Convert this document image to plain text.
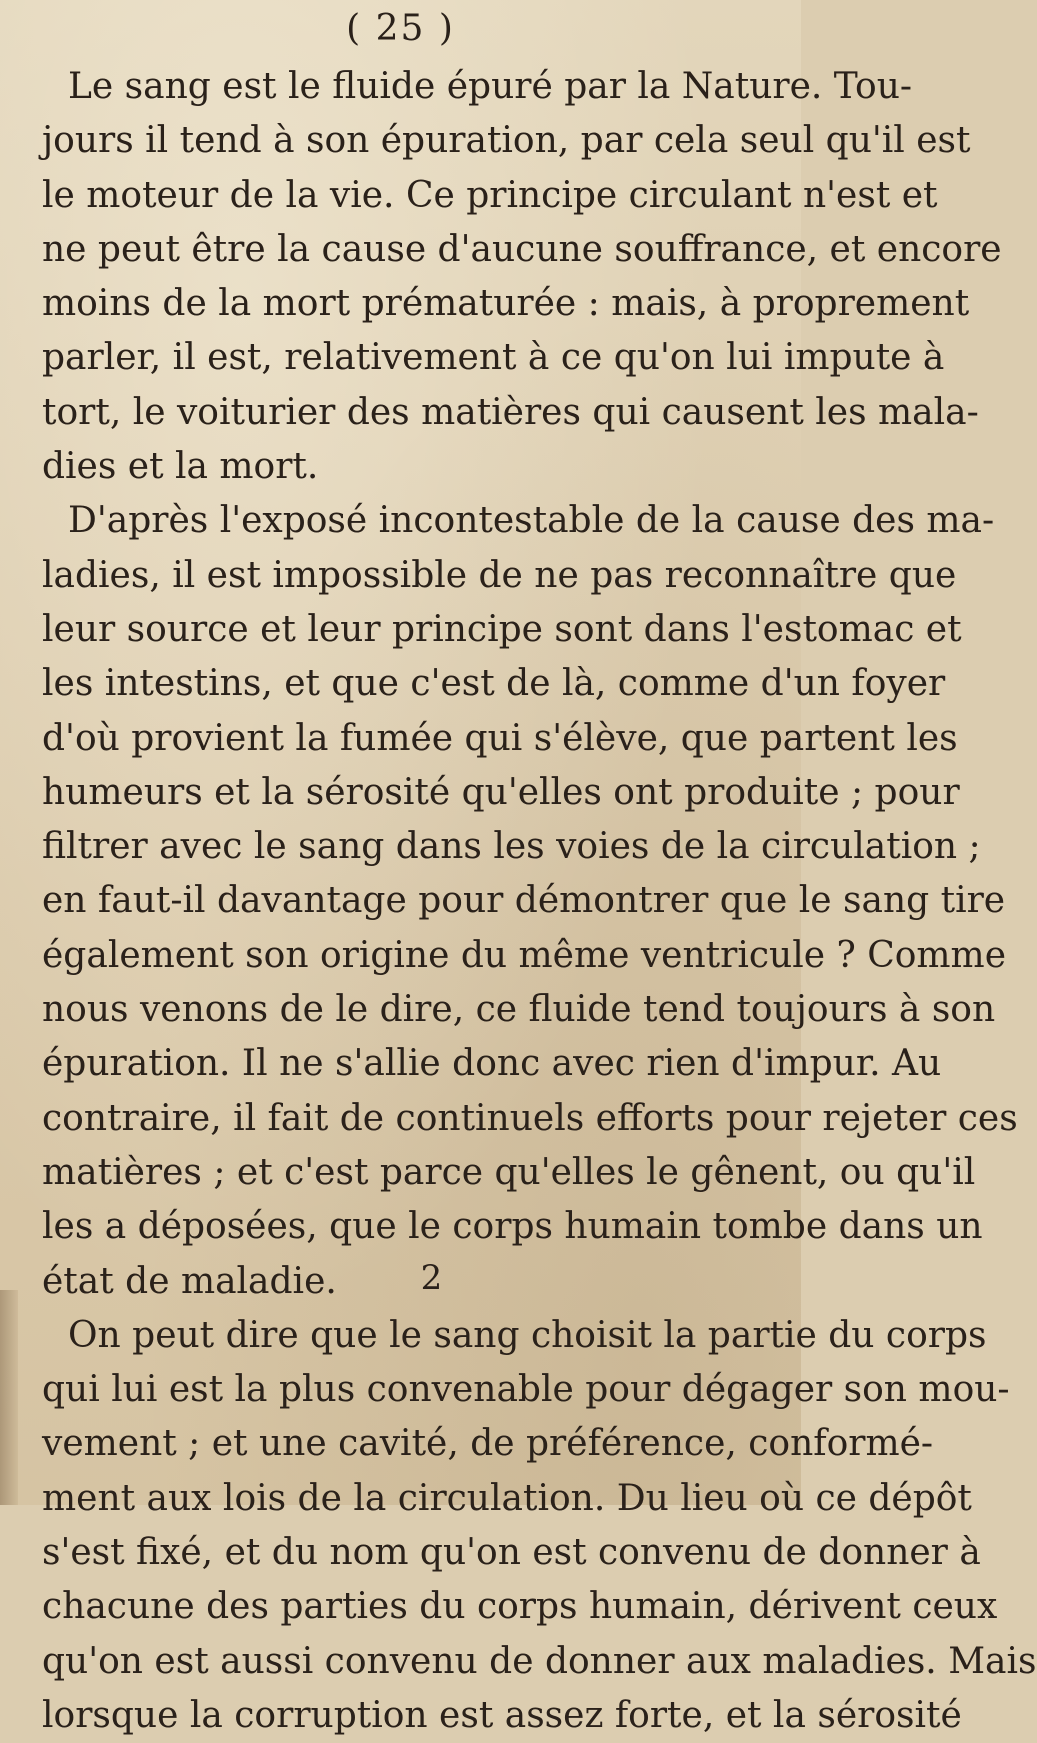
( 25 )
Le sang est le fluide épuré par la Nature. Tou-
jours il tend à son épuration, par cela seul qu'il est
le moteur de la vie. Ce principe circulant n'est et
ne peut être la cause d'aucune souffrance, et encore
moins de la mort prématurée : mais, à proprement
parler, il est, relativement à ce qu'on lui impute à
tort, le voiturier des matières qui causent les mala-
dies et la mort.
D'après l'exposé incontestable de la cause des ma-
ladies, il est impossible de ne pas reconnaître que
leur source et leur principe sont dans l'estomac et
les intestins, et que c'est de là, comme d'un foyer
d'où provient la fumée qui s'élève, que partent les
humeurs et la sérosité qu'elles ont produite ; pour
filtrer avec le sang dans les voies de la circulation ;
en faut-il davantage pour démontrer que le sang tire
également son origine du même ventricule ? Comme
nous venons de le dire, ce fluide tend toujours à son
épuration. Il ne s'allie donc avec rien d'impur. Au
contraire, il fait de continuels efforts pour rejeter ces
matières ; et c'est parce qu'elles le gênent, ou qu'il
les a déposées, que le corps humain tombe dans un
état de maladie.
On peut dire que le sang choisit la partie du corps
qui lui est la plus convenable pour dégager son mou-
vement ; et une cavité, de préférence, conformé-
ment aux lois de la circulation. Du lieu où ce dépôt
s'est fixé, et du nom qu'on est convenu de donner à
chacune des parties du corps humain, dérivent ceux
qu'on est aussi convenu de donner aux maladies. Mais
lorsque la corruption est assez forte, et la sérosité
2
